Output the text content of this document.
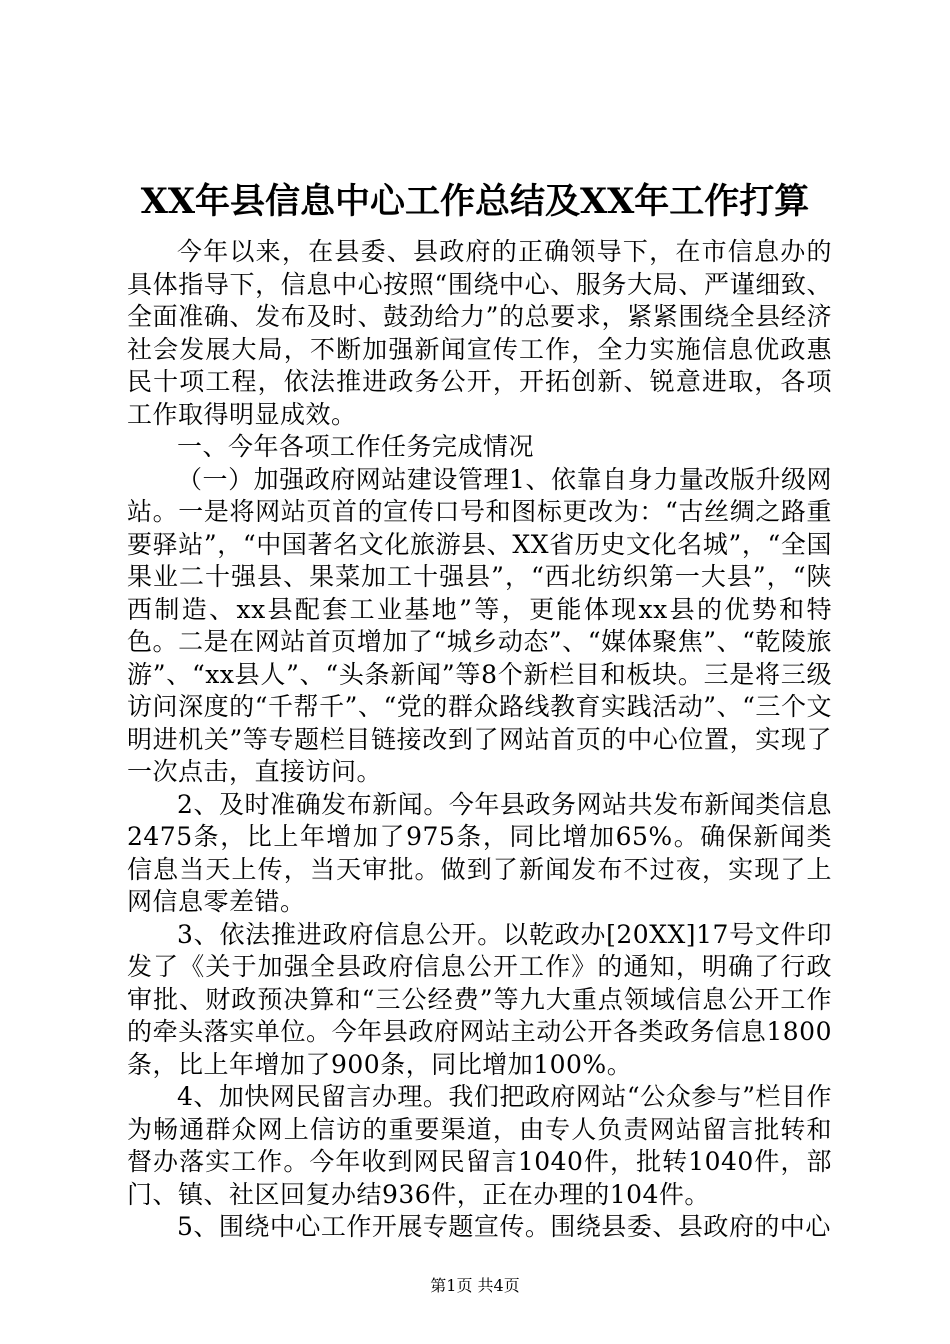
XX年县信息中心工作总结及XX年工作打算

今年以来，在县委、县政府的正确领导下，在市信息办的具体指导下，信息中心按照“围绕中心、服务大局、严谨细致、全面准确、发布及时、鼓劲给力”的总要求，紧紧围绕全县经济社会发展大局，不断加强新闻宣传工作，全力实施信息优政惠民十项工程，依法推进政务公开，开拓创新、锐意进取，各项工作取得明显成效。

一、今年各项工作任务完成情况

（一）加强政府网站建设管理1、依靠自身力量改版升级网站。一是将网站页首的宣传口号和图标更改为：“古丝绸之路重要驿站”，“中国著名文化旅游县、XX省历史文化名城”，“全国果业二十强县、果菜加工十强县”，“西北纺织第一大县”，“陕西制造、xx县配套工业基地”等，更能体现xx县的优势和特色。二是在网站首页增加了“城乡动态”、“媒体聚焦”、“乾陵旅游”、“xx县人”、“头条新闻”等8个新栏目和板块。三是将三级访问深度的“千帮千”、“党的群众路线教育实践活动”、“三个文明进机关”等专题栏目链接改到了网站首页的中心位置，实现了一次点击，直接访问。

2、及时准确发布新闻。今年县政务网站共发布新闻类信息2475条，比上年增加了975条，同比增加65%。确保新闻类信息当天上传，当天审批。做到了新闻发布不过夜，实现了上网信息零差错。

3、依法推进政府信息公开。以乾政办[20XX]17号文件印发了《关于加强全县政府信息公开工作》的通知，明确了行政审批、财政预决算和“三公经费”等九大重点领域信息公开工作的牵头落实单位。今年县政府网站主动公开各类政务信息1800条，比上年增加了900条，同比增加100%。

4、加快网民留言办理。我们把政府网站“公众参与”栏目作为畅通群众网上信访的重要渠道，由专人负责网站留言批转和督办落实工作。今年收到网民留言1040件，批转1040件，部门、镇、社区回复办结936件，正在办理的104件。

5、围绕中心工作开展专题宣传。围绕县委、县政府的中心

第1页 共4页
